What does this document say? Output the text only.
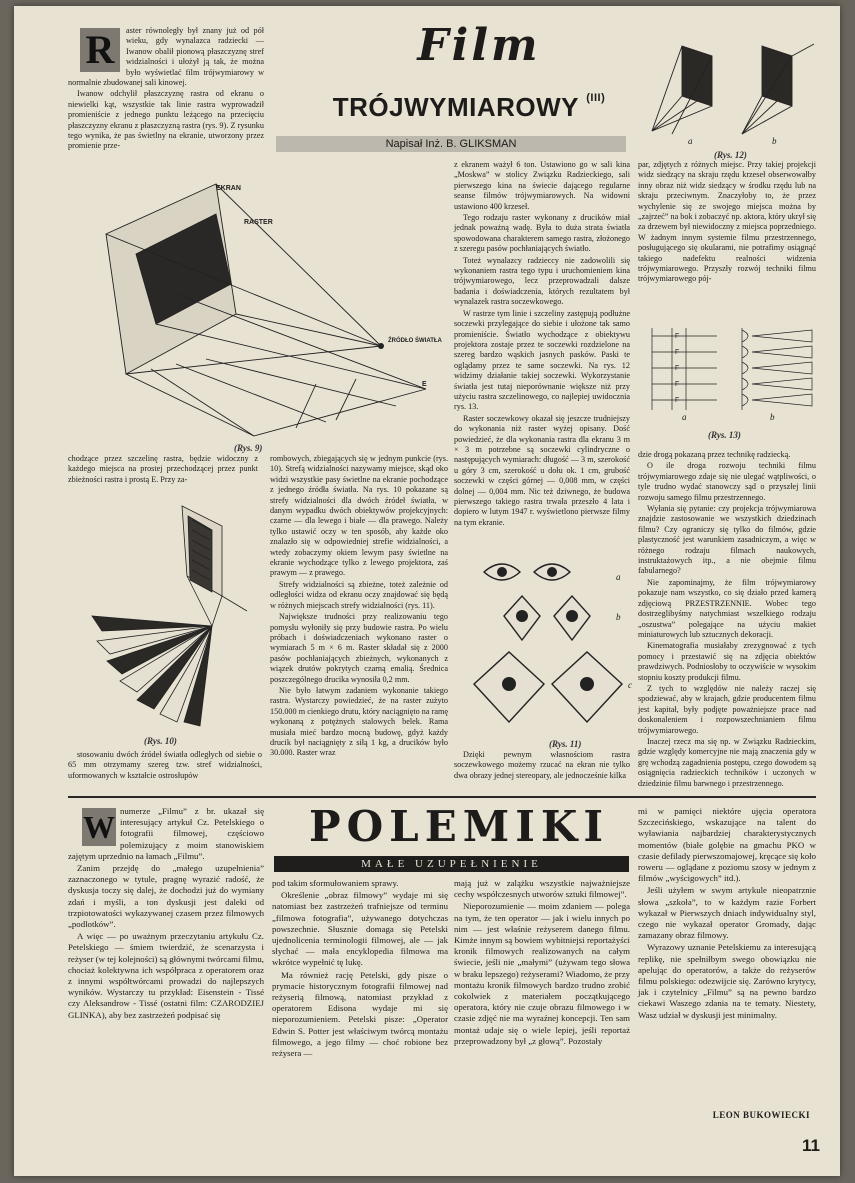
R	Film
TRÓJWYMIAROWY $^{(III)}$
Napisał Inż. B. GLIKSMAN

aster równoległy był znany już od pół wieku, gdy wynalazca radziecki — Iwanow obalił pionową płaszczyznę stref widzialności i ułożył ją tak, że można było wyświetlać film trójwymiarowy w normalnie zbudowanej sali kinowej.

Iwanow odchylił płaszczyznę rastra od ekranu o niewielki kąt, wszystkie tak linie rastra wyprowadził promieniście z jednego punktu leżącego na przecięciu płaszczyzny ekranu z płaszczyzną rastra (rys. 9). Z rysunku tego wynika, że pas świetlny na ekranie, utworzony przez promienie prze-

EKRAN
RASTER
ŹRÓDŁO ŚWIATŁA
E
(Rys. 9)

chodzące przez szczelinę rastra, będzie widoczny z każdego miejsca na prostej przechodzącej przez punkt zbieżności rastra i prostą E. Przy za-

(Rys. 10)

stosowaniu dwóch źródeł światła odległych od siebie o 65 mm otrzymamy szereg tzw. stref widzialności, uformowanych w kształcie ostrosłupów

rombowych, zbiegających się w jednym punkcie (rys. 10). Strefą widzialności nazywamy miejsce, skąd oko widzi wszystkie pasy świetlne na ekranie pochodzące z jednego źródła światła. Na rys. 10 pokazane są strefy widzialności dla dwóch źródeł światła, w danym wypadku dwóch obiektywów projekcyjnych: czarne — dla lewego i białe — dla prawego. Należy tylko ustawić oczy w ten sposób, aby każde oko znalazło się w odpowiedniej strefie widzialności, a wtedy zobaczymy okiem lewym pasy świetlne na ekranie wychodzące tylko z lewego projektora, zaś prawym — z prawego.

Strefy widzialności są zbieżne, toteż zależnie od odległości widza od ekranu oczy znajdować się będą w różnych miejscach strefy widzialności (rys. 11).

Największe trudności przy realizowaniu tego pomysłu wyłoniły się przy budowie rastra. Po wielu próbach i doświadczeniach wykonano raster o wymiarach 5 m × 6 m. Raster składał się z 2000 pasów pochłaniających zbieżnych, wykonanych z wiązek drutów pokrytych czarną emalią. Średnica poszczególnego drucika wynosiła 0,2 mm.

Nie było łatwym zadaniem wykonanie takiego rastra. Wystarczy powiedzieć, że na raster zużyto 150.000 m cienkiego drutu, który naciągnięto na ramę wykonaną z potężnych stalowych belek. Rama musiała mieć bardzo mocną budowę, gdyż każdy drucik był naciągnięty z siłą 1 kg, a drucików było 30.000. Raster wraz

z ekranem ważył 6 ton. Ustawiono go w sali kina „Moskwa” w stolicy Związku Radzieckiego, sali pierwszego kina na świecie dającego regularne seanse filmów trójwymiarowych. Na widowni ustawiono 400 krzeseł.

Tego rodzaju raster wykonany z drucików miał jednak poważną wadę. Była to duża strata światła spowodowana charakterem samego rastra, złożonego z szeregu pasów pochłaniających światło.

Toteż wynalazcy radzieccy nie zadowolili się wykonaniem rastra tego typu i uruchomieniem kina trójwymiarowego, lecz przeprowadzali dalsze badania i doświadczenia, których rezultatem był wynalazek rastra soczewkowego.

W rastrze tym linie i szczeliny zastępują podłużne soczewki przylegające do siebie i ułożone tak samo promieniście. Światło wychodzące z obiektywu projektora zostaje przez te soczewki rozdzielone na szereg bardzo wąskich jasnych pasków. Paski te oglądamy przez te same soczewki. Na rys. 12 widzimy działanie takiej soczewki. Wykorzystanie światła jest tutaj nieporównanie większe niż przy użyciu rastra szczelinowego, co najlepiej uwidocznia rys. 13.

Raster soczewkowy okazał się jeszcze trudniejszy do wykonania niż raster wyżej opisany. Dość powiedzieć, że dla wykonania rastra dla ekranu 3 m × 3 m potrzebne są soczewki cylindryczne o następujących wymiarach: długość — 3 m, szerokość u góry 3 cm, szerokość u dołu ok. 1 cm, grubość soczewki w części górnej — 0,008 mm, w części dolnej — 0,004 mm. Nic też dziwnego, że budowa pierwszego takiego rastra trwała przeszło 4 lata i dopiero w lutym 1947 r. wyświetlono pierwsze filmy na tym ekranie.

a
b
c
(Rys. 11)

Dzięki pewnym własnościom rastra soczewkowego możemy rzucać na ekran nie tylko dwa obrazy jednej stereopary, ale jednocześnie kilka

a	b
(Rys. 12)

par, zdjętych z różnych miejsc. Przy takiej projekcji widz siedzący na skraju rzędu krzeseł obserwowałby inny obraz niż widz siedzący w środku rzędu lub na skraju przeciwnym. Znaczyłoby to, że przez wychylenie się ze swojego miejsca można by „zajrzeć” na bok i zobaczyć np. aktora, który ukrył się za drzewem był niewidoczny z miejsca poprzedniego. W żadnym innym systemie filmu przestrzennego, posługującego się okularami, nie potrafimy osiągnąć takiego nadefektu realności widzenia trójwymiarowego. Przyszły rozwój techniki filmu trójwymiarowego pój-

F
F
F
F
F
a	b
(Rys. 13)

dzie drogą pokazaną przez technikę radziecką.

O ile droga rozwoju techniki filmu trójwymiarowego zdaje się nie ulegać wątpliwości, o tyle trudno wydać stanowczy sąd o przyszłej linii rozwoju samego filmu przestrzennego.

Wyłania się pytanie: czy projekcja trójwymiarowa znajdzie zastosowanie we wszystkich dziedzinach filmu? Czy ograniczy się tylko do filmów, gdzie plastyczność jest warunkiem zasadniczym, a więc w różnego rodzaju filmach naukowych, instruktażowych itp., a nie obejmie filmu fabularnego?

Nie zapominajmy, że film trójwymiarowy pokazuje nam wszystko, co się działo przed kamerą zdjęciową PRZESTRZENNIE. Wobec tego dostrzeglibyśmy natychmiast wszelkiego rodzaju „oszustwa” polegające na użyciu makiet miniaturowych lub sztucznych dekoracji.

Kinematografia musiałaby zrezygnować z tych pomocy i przestawić się na zdjęcia obiektów prawdziwych. Podniosłoby to oczywiście w wysokim stopniu koszty produkcji filmu.

Z tych to względów nie należy raczej się spodziewać, aby w krajach, gdzie producentem filmu jest kapitał, były podjęte poważniejsze prace nad doskonaleniem i rozpowszechnianiem filmu trójwymiarowego.

Inaczej rzecz ma się np. w Związku Radzieckim, gdzie względy komercyjne nie mają znaczenia gdy w grę wchodzą zagadnienia postępu, czego dowodem są osiągnięcia radzieckich techników i uczonych w dziedzinie filmu barwnego i przestrzennego.

W	POLEMIKI
MAŁE UZUPEŁNIENIE

numerze „Filmu” z br. ukazał się interesujący artykuł Cz. Petelskiego o fotografii filmowej, częściowo polemizujący z moim stanowiskiem zajętym uprzednio na łamach „Filmu”.

Zanim przejdę do „małego uzupełnienia” zaznaczonego w tytule, pragnę wyrazić radość, że dyskusja toczy się dalej, że dochodzi już do wymiany zdań i myśli, a ton dyskusji jest daleki od trzpiotowatości wykazywanej czasem przez filmowych „podlotków”.

A więc — po uważnym przeczytaniu artykułu Cz. Petelskiego — śmiem twierdzić, że scenarzysta i reżyser (w tej kolejności) są głównymi twórcami filmu, chociaż kolektywna ich współpraca z operatorem oraz z innymi współtwórcami prowadzi do najlepszych wyników. Wystarczy tu przykład: Eisenstein - Tissé czy Aleksandrow - Tissé (ostatni film: CZARODZIEJ GLINKA), aby bez zastrzeżeń podpisać się

pod takim sformułowaniem sprawy.

Określenie „obraz filmowy” wydaje mi się natomiast bez zastrzeżeń trafniejsze od terminu „filmowa fotografia”, używanego dotychczas powszechnie. Słusznie domaga się Petelski ujednolicenia terminologii filmowej, ale — jak słychać — mała encyklopedia filmowa ma wkrótce wypełnić tę lukę.

Ma również rację Petelski, gdy pisze o prymacie historycznym fotografii filmowej nad reżyserią filmową, natomiast przykład z operatorem Edisona wydaje mi się nieporozumieniem. Petelski pisze: „Operator Edwin S. Potter jest właściwym twórcą montażu filmowego, a jego filmy — choć robione bez reżysera —

mają już w zalążku wszystkie najważniejsze cechy współczesnych utworów sztuki filmowej”.

Nieporozumienie — moim zdaniem — polega na tym, że ten operator — jak i wielu innych po nim — jest właśnie reżyserem danego filmu. Kimże innym są bowiem wybitniejsi reportażyści kronik filmowych realizowanych na całym świecie, jeśli nie „małymi” (używam tego słowa w braku lepszego) reżyserami? Wiadomo, że przy montażu kronik filmowych bardzo trudno zrobić cokolwiek z materiałem początkującego operatora, który nie czuje obrazu filmowego i w czasie zdjęć nie ma wyraźnej koncepcji. Ten sam montaż udaje się o wiele lepiej, jeśli reportaż przeprowadzony był „z głową”. Pozostały

mi w pamięci niektóre ujęcia operatora Szczecińskiego, wskazujące na talent do wyławiania najbardziej charakterystycznych momentów (białe golębie na gmachu PKO w czasie defilady pierwszomajowej, kręcące się koło roweru — oglądane z poziomu szosy w jednym z filmów „wyścigowych” itd.).

Jeśli użyłem w swym artykule nieopatrznie słowa „szkoła”, to w każdym razie Forbert wykazał w Pierwszych dniach indywidualny styl, czego nie wykazał operator Gromady, dając zamazany obraz filmowy.

Wyrazowy uznanie Petelskiemu za interesującą replikę, nie spełniłbym swego obowiązku nie apelując do operatorów, a także do reżyserów filmu polskiego: odezwijcie się. Zarówno krytycy, jak i czytelnicy „Filmu” są na pewno bardzo ciekawi Waszego zdania na te tematy. Niestety, Wasz udział w dyskusji jest minimalny.

LEON BUKOWIECKI
11
